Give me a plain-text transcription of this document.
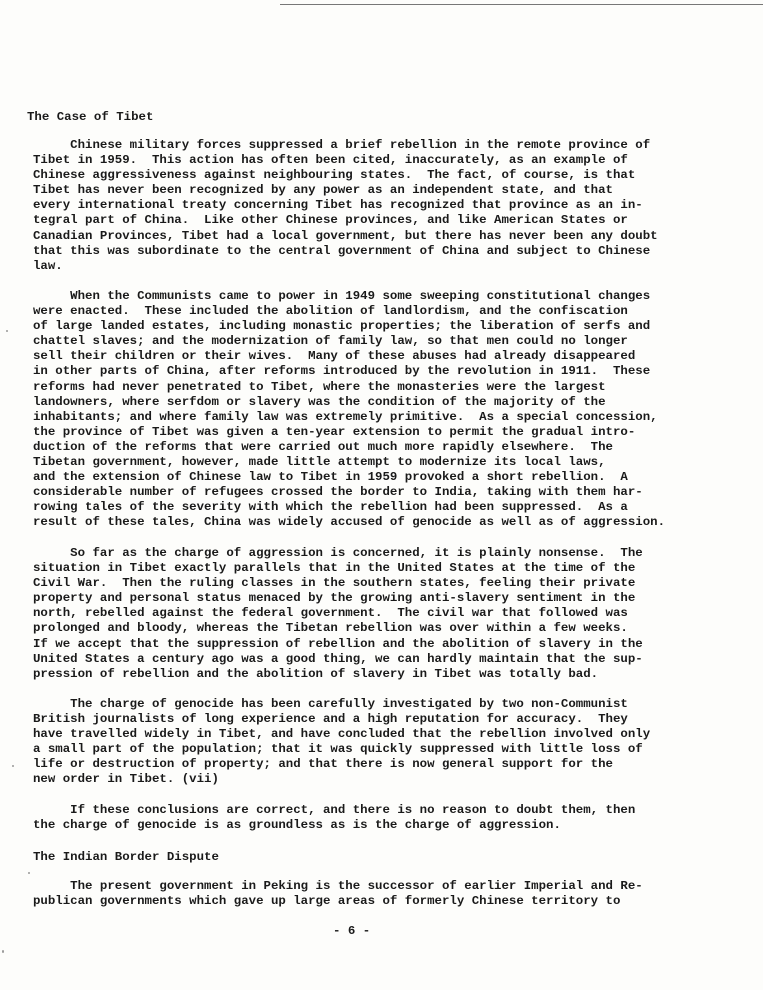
The Case of Tibet
Chinese military forces suppressed a brief rebellion in the remote province of
Tibet in 1959.  This action has often been cited, inaccurately, as an example of
Chinese aggressiveness against neighbouring states.  The fact, of course, is that
Tibet has never been recognized by any power as an independent state, and that
every international treaty concerning Tibet has recognized that province as an in-
tegral part of China.  Like other Chinese provinces, and like American States or
Canadian Provinces, Tibet had a local government, but there has never been any doubt
that this was subordinate to the central government of China and subject to Chinese
law.
When the Communists came to power in 1949 some sweeping constitutional changes
were enacted.  These included the abolition of landlordism, and the confiscation
of large landed estates, including monastic properties; the liberation of serfs and
chattel slaves; and the modernization of family law, so that men could no longer
sell their children or their wives.  Many of these abuses had already disappeared
in other parts of China, after reforms introduced by the revolution in 1911.  These
reforms had never penetrated to Tibet, where the monasteries were the largest
landowners, where serfdom or slavery was the condition of the majority of the
inhabitants; and where family law was extremely primitive.  As a special concession,
the province of Tibet was given a ten-year extension to permit the gradual intro-
duction of the reforms that were carried out much more rapidly elsewhere.  The
Tibetan government, however, made little attempt to modernize its local laws,
and the extension of Chinese law to Tibet in 1959 provoked a short rebellion.  A
considerable number of refugees crossed the border to India, taking with them har-
rowing tales of the severity with which the rebellion had been suppressed.  As a
result of these tales, China was widely accused of genocide as well as of aggression.
So far as the charge of aggression is concerned, it is plainly nonsense.  The
situation in Tibet exactly parallels that in the United States at the time of the
Civil War.  Then the ruling classes in the southern states, feeling their private
property and personal status menaced by the growing anti-slavery sentiment in the
north, rebelled against the federal government.  The civil war that followed was
prolonged and bloody, whereas the Tibetan rebellion was over within a few weeks.
If we accept that the suppression of rebellion and the abolition of slavery in the
United States a century ago was a good thing, we can hardly maintain that the sup-
pression of rebellion and the abolition of slavery in Tibet was totally bad.
The charge of genocide has been carefully investigated by two non-Communist
British journalists of long experience and a high reputation for accuracy.  They
have travelled widely in Tibet, and have concluded that the rebellion involved only
a small part of the population; that it was quickly suppressed with little loss of
life or destruction of property; and that there is now general support for the
new order in Tibet. (vii)
If these conclusions are correct, and there is no reason to doubt them, then
the charge of genocide is as groundless as is the charge of aggression.
The Indian Border Dispute
The present government in Peking is the successor of earlier Imperial and Re-
publican governments which gave up large areas of formerly Chinese territory to
- 6 -
